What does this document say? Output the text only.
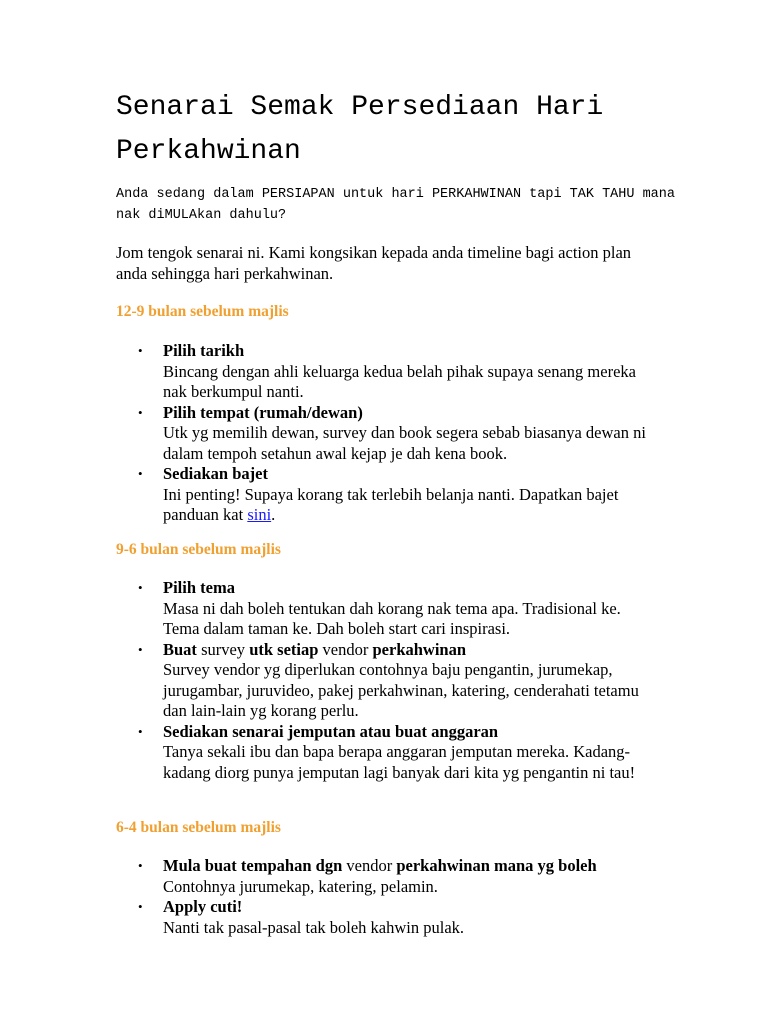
Senarai Semak Persediaan Hari Perkahwinan

Anda sedang dalam PERSIAPAN untuk hari PERKAHWINAN tapi TAK TAHU mana nak diMULAkan dahulu?

Jom tengok senarai ni. Kami kongsikan kepada anda timeline bagi action plan anda sehingga hari perkahwinan.

12-9 bulan sebelum majlis
• Pilih tarikh
Bincang dengan ahli keluarga kedua belah pihak supaya senang mereka nak berkumpul nanti.
• Pilih tempat (rumah/dewan)
Utk yg memilih dewan, survey dan book segera sebab biasanya dewan ni dalam tempoh setahun awal kejap je dah kena book.
• Sediakan bajet
Ini penting! Supaya korang tak terlebih belanja nanti. Dapatkan bajet panduan kat sini.
9-6 bulan sebelum majlis
• Pilih tema
Masa ni dah boleh tentukan dah korang nak tema apa. Tradisional ke. Tema dalam taman ke. Dah boleh start cari inspirasi.
• Buat survey utk setiap vendor perkahwinan
Survey vendor yg diperlukan contohnya baju pengantin, jurumekap, jurugambar, juruvideo, pakej perkahwinan, katering, cenderahati tetamu dan lain-lain yg korang perlu.
• Sediakan senarai jemputan atau buat anggaran
Tanya sekali ibu dan bapa berapa anggaran jemputan mereka. Kadang-kadang diorg punya jemputan lagi banyak dari kita yg pengantin ni tau!
6-4 bulan sebelum majlis
• Mula buat tempahan dgn vendor perkahwinan mana yg boleh
Contohnya jurumekap, katering, pelamin.
• Apply cuti!
Nanti tak pasal-pasal tak boleh kahwin pulak.
